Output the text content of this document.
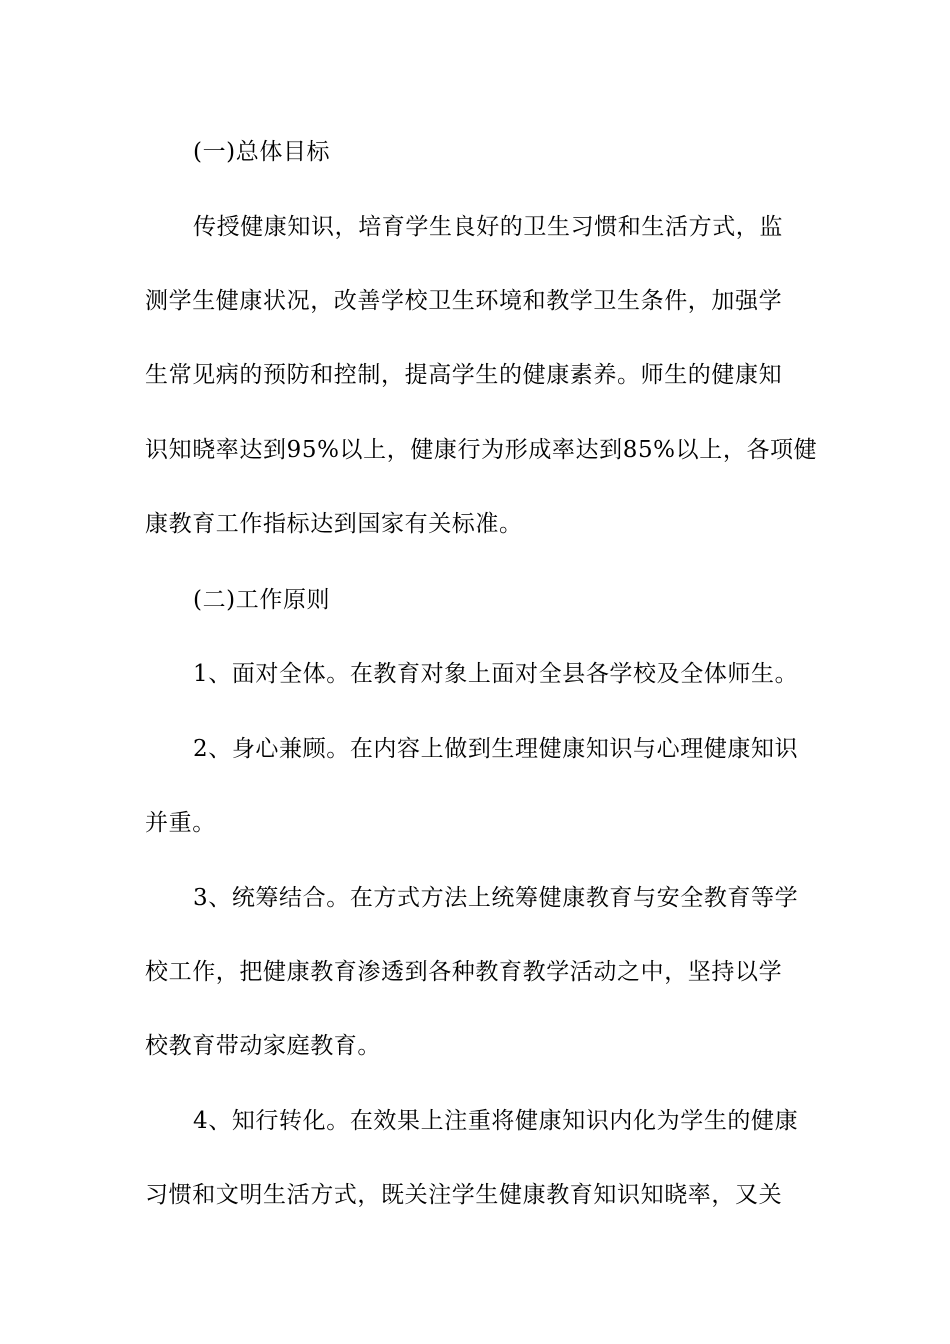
(一)总体目标
传授健康知识，培育学生良好的卫生习惯和生活方式，监
测学生健康状况，改善学校卫生环境和教学卫生条件，加强学
生常见病的预防和控制，提高学生的健康素养。师生的健康知
识知晓率达到95%以上，健康行为形成率达到85%以上，各项健
康教育工作指标达到国家有关标准。
(二)工作原则
1、面对全体。在教育对象上面对全县各学校及全体师生。
2、身心兼顾。在内容上做到生理健康知识与心理健康知识
并重。
3、统筹结合。在方式方法上统筹健康教育与安全教育等学
校工作，把健康教育渗透到各种教育教学活动之中，坚持以学
校教育带动家庭教育。
4、知行转化。在效果上注重将健康知识内化为学生的健康
习惯和文明生活方式，既关注学生健康教育知识知晓率，又关
